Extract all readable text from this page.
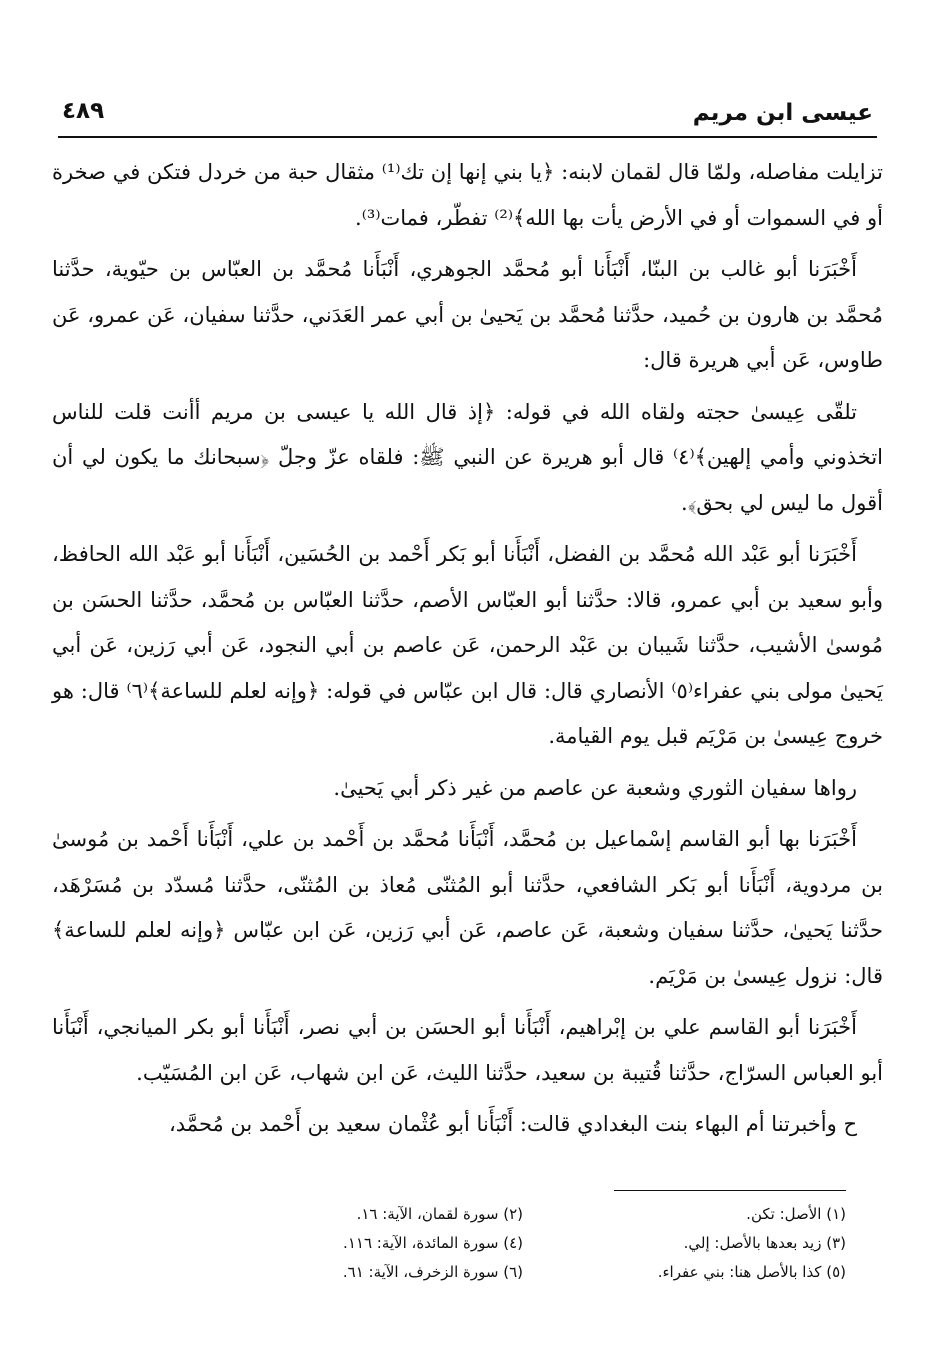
عيسى ابن مريم
٤٨٩

تزايلت مفاصله، ولمّا قال لقمان لابنه: ﴿يا بني إنها إن تك⁽¹⁾ مثقال حبة من خردل فتكن في صخرة أو في السموات أو في الأرض يأت بها الله﴾⁽²⁾ تفطّر، فمات⁽³⁾.

أَخْبَرَنا أبو غالب بن البنّا، أَنْبَأَنا أبو مُحمَّد الجوهري، أَنْبَأَنا مُحمَّد بن العبّاس بن حيّوية، حدَّثنا مُحمَّد بن هارون بن حُميد، حدَّثنا مُحمَّد بن يَحيىٰ بن أبي عمر العَدَني، حدَّثنا سفيان، عَن عمرو، عَن طاوس، عَن أبي هريرة قال:

تلقّى عِيسىٰ حجته ولقاه الله في قوله: ﴿إذ قال الله يا عيسى بن مريم أأنت قلت للناس اتخذوني وأمي إلهين﴾⁽٤⁾ قال أبو هريرة عن النبي ﷺ: فلقاه عزّ وجلّ ﴿سبحانك ما يكون لي أن أقول ما ليس لي بحق﴾.

أَخْبَرَنا أبو عَبْد الله مُحمَّد بن الفضل، أَنْبَأَنا أبو بَكر أَحْمد بن الحُسَين، أَنْبَأَنا أبو عَبْد الله الحافظ، وأبو سعيد بن أبي عمرو، قالا: حدَّثنا أبو العبّاس الأصم، حدَّثنا العبّاس بن مُحمَّد، حدَّثنا الحسَن بن مُوسىٰ الأشيب، حدَّثنا شَيبان بن عَبْد الرحمن، عَن عاصم بن أبي النجود، عَن أبي رَزين، عَن أبي يَحيىٰ مولى بني عفراء⁽٥⁾ الأنصاري قال: قال ابن عبّاس في قوله: ﴿وإنه لعلم للساعة﴾⁽٦⁾ قال: هو خروج عِيسىٰ بن مَرْيَم قبل يوم القيامة.

رواها سفيان الثوري وشعبة عن عاصم من غير ذكر أبي يَحيىٰ.

أَخْبَرَنا بها أبو القاسم إسْماعيل بن مُحمَّد، أَنْبَأَنا مُحمَّد بن أَحْمد بن علي، أَنْبَأَنا أَحْمد بن مُوسىٰ بن مردوية، أَنْبَأَنا أبو بَكر الشافعي، حدَّثنا أبو المُثنّى مُعاذ بن المُثنّى، حدَّثنا مُسدّد بن مُسَرْهَد، حدَّثنا يَحيىٰ، حدَّثنا سفيان وشعبة، عَن عاصم، عَن أبي رَزين، عَن ابن عبّاس ﴿وإنه لعلم للساعة﴾ قال: نزول عِيسىٰ بن مَرْيَم.

أَخْبَرَنا أبو القاسم علي بن إبْراهيم، أَنْبَأَنا أبو الحسَن بن أبي نصر، أَنْبَأَنا أبو بكر الميانجي، أَنْبَأَنا أبو العباس السرّاج، حدَّثنا قُتيبة بن سعيد، حدَّثنا الليث، عَن ابن شهاب، عَن ابن المُسَيّب.

ح وأخبرتنا أم البهاء بنت البغدادي قالت: أَنْبَأَنا أبو عُثْمان سعيد بن أَحْمد بن مُحمَّد،

(١) الأصل: تكن.
(٢) سورة لقمان، الآية: ١٦.
(٣) زيد بعدها بالأصل: إلي.
(٤) سورة المائدة، الآية: ١١٦.
(٥) كذا بالأصل هنا: بني عفراء.
(٦) سورة الزخرف، الآية: ٦١.
